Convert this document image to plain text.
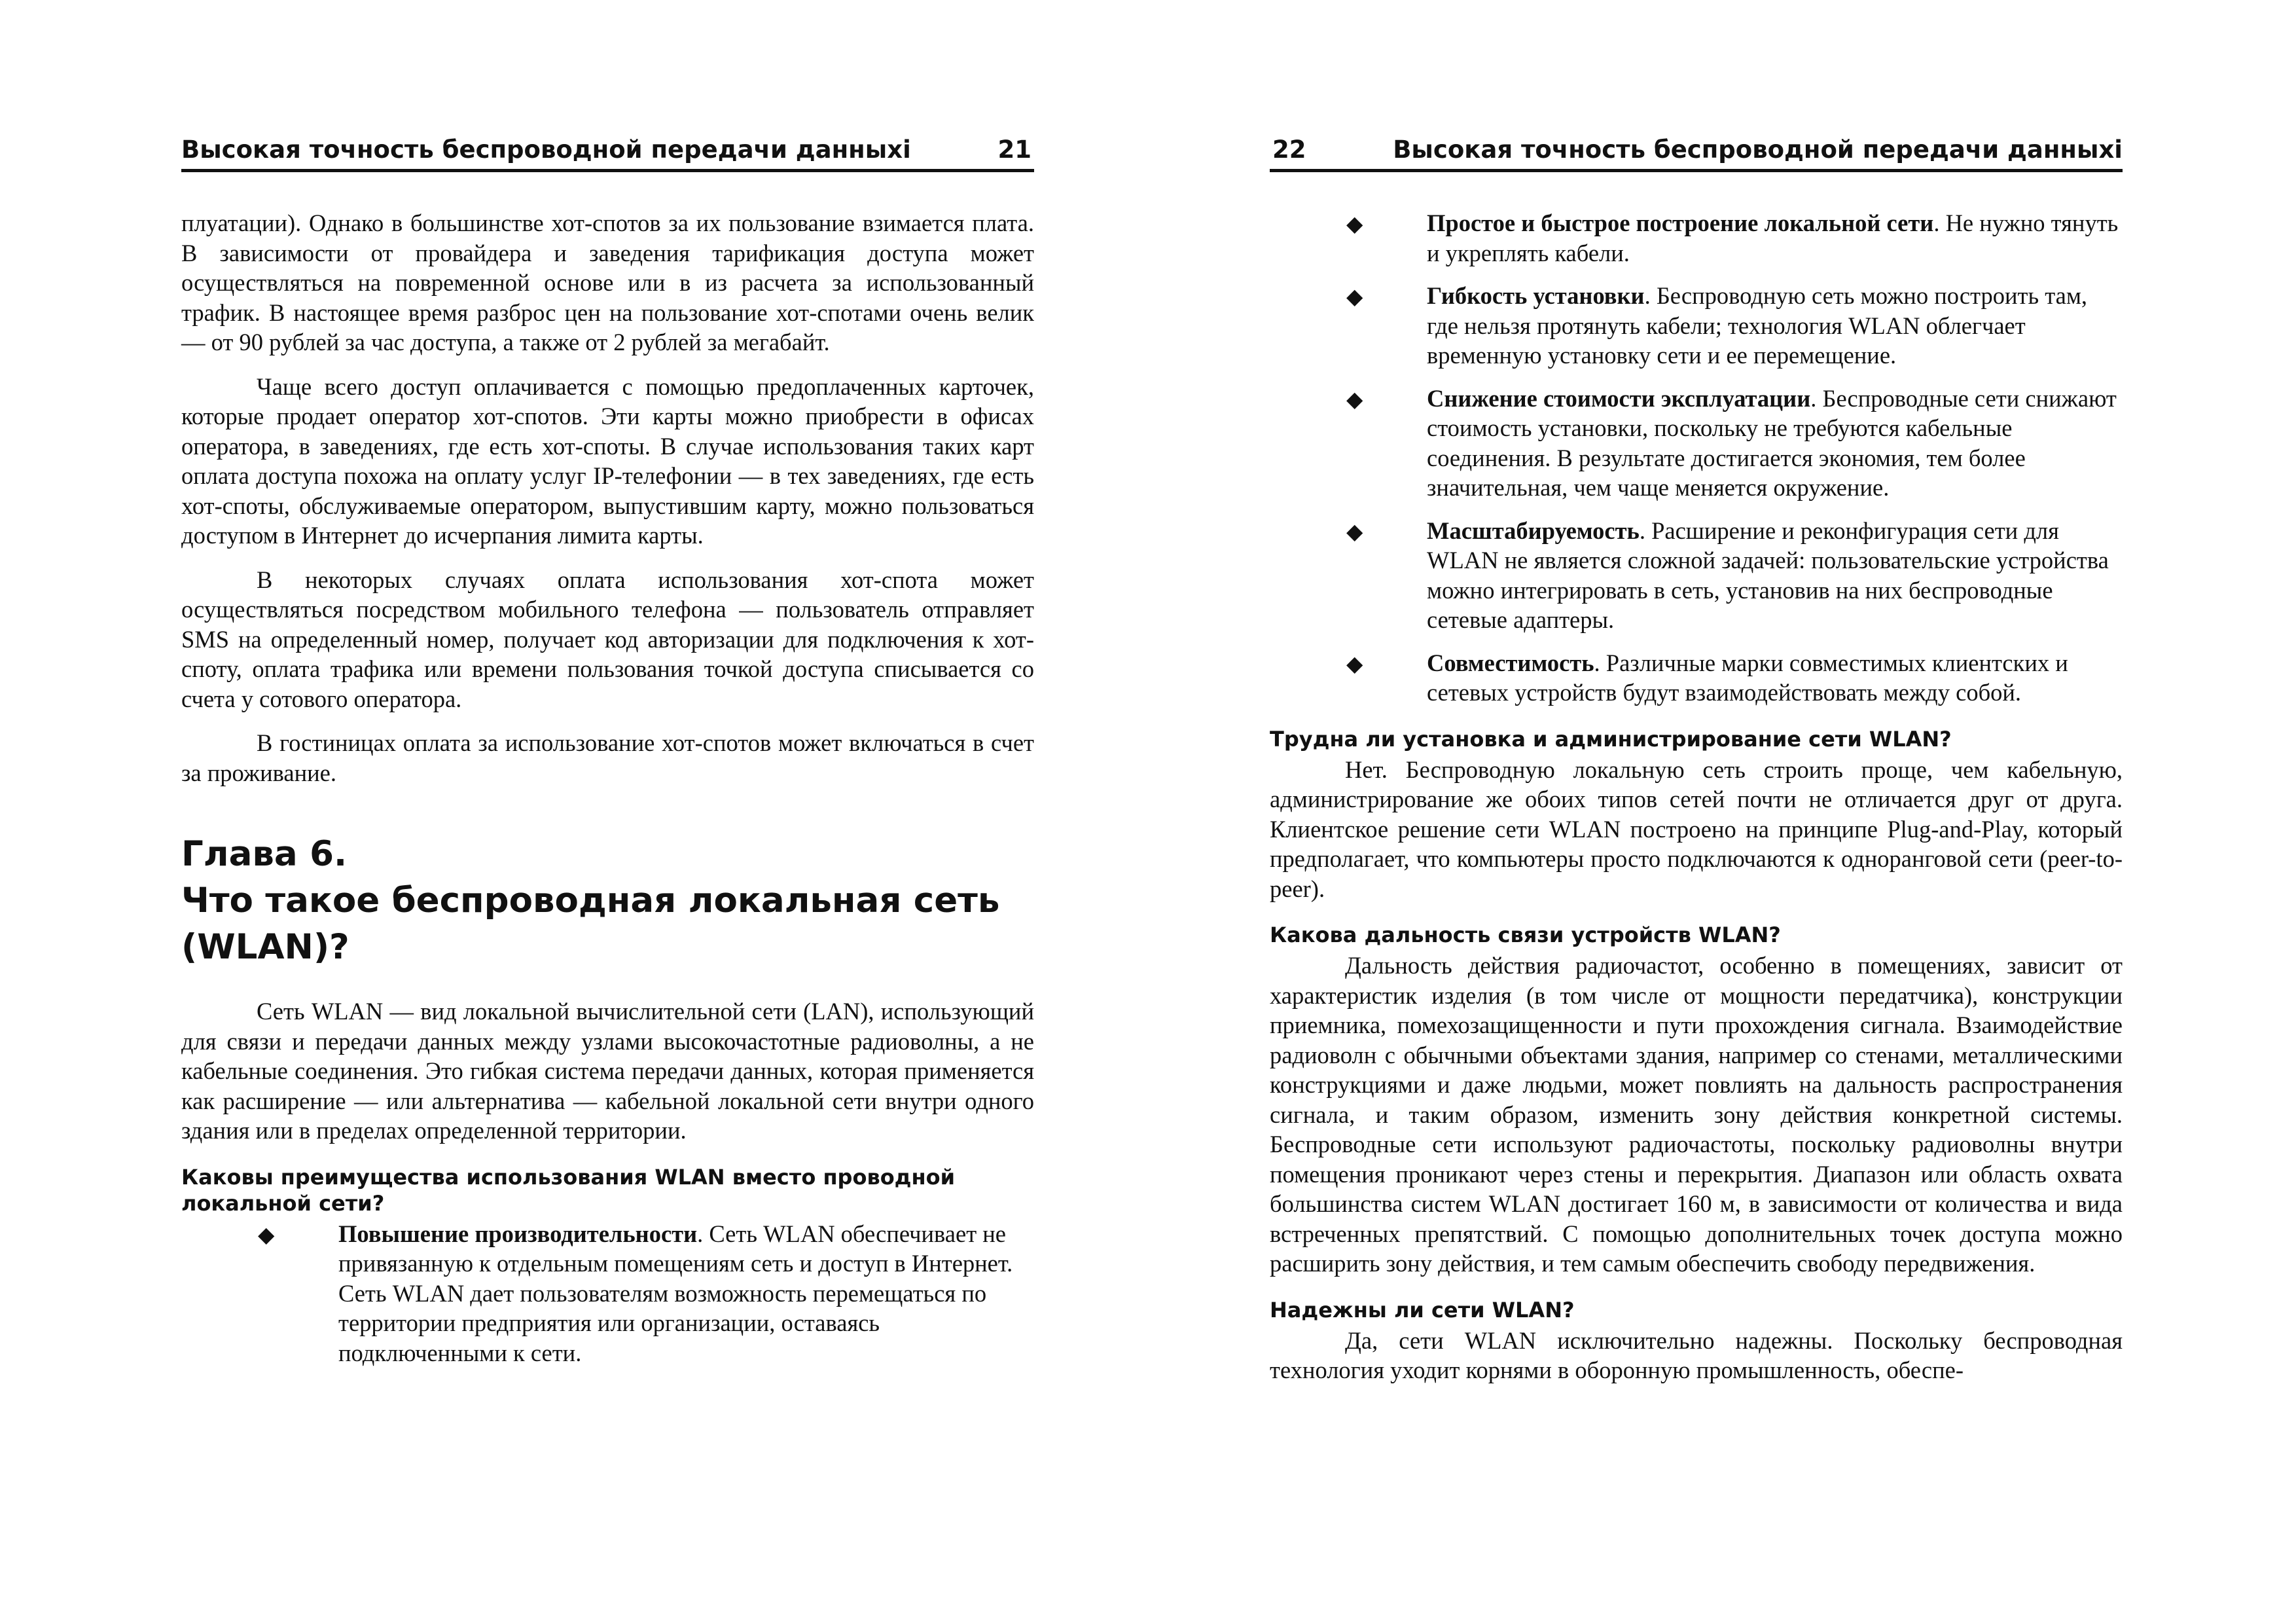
Высокая точность беспроводной передачи данныхі	21

плуатации). Однако в большинстве хот-спотов за их пользование взимается плата. В зависимости от провайдера и заведения тарификация доступа может осуществляться на повременной основе или в из расчета за использованный трафик. В настоящее время разброс цен на пользование хот-спотами очень велик — от 90 рублей за час доступа, а также от 2 рублей за мегабайт.

Чаще всего доступ оплачивается с помощью предоплаченных карточек, которые продает оператор хот-спотов. Эти карты можно приобрести в офисах оператора, в заведениях, где есть хот-споты. В случае использования таких карт оплата доступа похожа на оплату услуг IP-телефонии — в тех заведениях, где есть хот-споты, обслуживаемые оператором, выпустившим карту, можно пользоваться доступом в Интернет до исчерпания лимита карты.

В некоторых случаях оплата использования хот-спота может осуществляться посредством мобильного телефона — пользователь отправляет SMS на определенный номер, получает код авторизации для подключения к хот-споту, оплата трафика или времени пользования точкой доступа списывается со счета у сотового оператора.

В гостиницах оплата за использование хот-спотов может включаться в счет за проживание.

Глава 6.
Что такое беспроводная локальная сеть
(WLAN)?

Сеть WLAN — вид локальной вычислительной сети (LAN), использующий для связи и передачи данных между узлами высокочастотные радиоволны, а не кабельные соединения. Это гибкая система передачи данных, которая применяется как расширение — или альтернатива — кабельной локальной сети внутри одного здания или в пределах определенной территории.

Каковы преимущества использования WLAN вместо проводной локальной сети?
◆	Повышение производительности. Сеть WLAN обеспечивает не привязанную к отдельным помещениям сеть и доступ в Интернет. Сеть WLAN дает пользователям возможность перемещаться по территории предприятия или организации, оставаясь подключенными к сети.
22	Высокая точность беспроводной передачи данныхі
◆	Простое и быстрое построение локальной сети. Не нужно тянуть и укреплять кабели.
◆	Гибкость установки. Беспроводную сеть можно построить там, где нельзя протянуть кабели; технология WLAN облегчает временную установку сети и ее перемещение.
◆	Снижение стоимости эксплуатации. Беспроводные сети снижают стоимость установки, поскольку не требуются кабельные соединения. В результате достигается экономия, тем более значительная, чем чаще меняется окружение.
◆	Масштабируемость. Расширение и реконфигурация сети для WLAN не является сложной задачей: пользовательские устройства можно интегрировать в сеть, установив на них беспроводные сетевые адаптеры.
◆	Совместимость. Различные марки совместимых клиентских и сетевых устройств будут взаимодействовать между собой.
Трудна ли установка и администрирование сети WLAN?

Нет. Беспроводную локальную сеть строить проще, чем кабельную, администрирование же обоих типов сетей почти не отличается друг от друга. Клиентское решение сети WLAN построено на принципе Plug-and-Play, который предполагает, что компьютеры просто подключаются к одноранговой сети (peer-to-peer).

Какова дальность связи устройств WLAN?

Дальность действия радиочастот, особенно в помещениях, зависит от характеристик изделия (в том числе от мощности передатчика), конструкции приемника, помехозащищенности и пути прохождения сигнала. Взаимодействие радиоволн с обычными объектами здания, например со стенами, металлическими конструкциями и даже людьми, может повлиять на дальность распространения сигнала, и таким образом, изменить зону действия конкретной системы. Беспроводные сети используют радиочастоты, поскольку радиоволны внутри помещения проникают через стены и перекрытия. Диапазон или область охвата большинства систем WLAN достигает 160 м, в зависимости от количества и вида встреченных препятствий. С помощью дополнительных точек доступа можно расширить зону действия, и тем самым обеспечить свободу передвижения.

Надежны ли сети WLAN?

Да, сети WLAN исключительно надежны. Поскольку беспроводная технология уходит корнями в оборонную промышленность, обеспе-
